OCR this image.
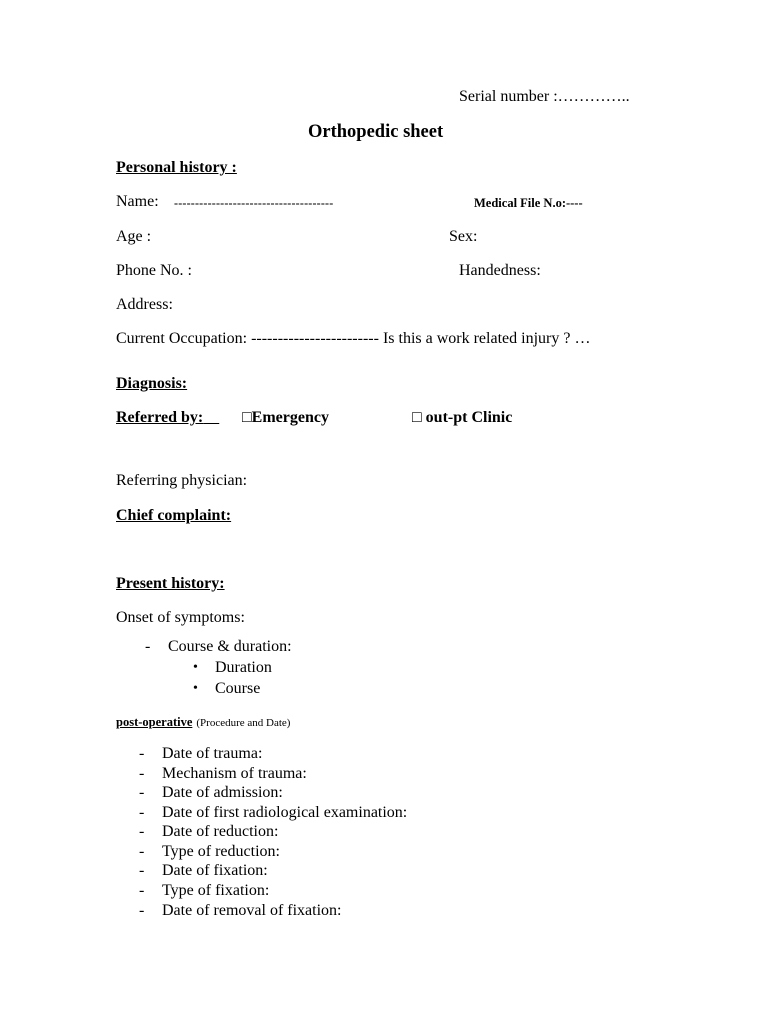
Serial number :…………..
Orthopedic sheet
Personal history :
Name: --------------------------------------	Medical File N.o:----
Age :	Sex:
Phone No. :	Handedness:
Address:
Current Occupation: ------------------------ Is this a work related injury ? …
Diagnosis:
Referred by:	□Emergency	□ out-pt Clinic
Referring physician:
Chief complaint:
Present history:
Onset of symptoms:
- Course & duration:
• Duration
• Course
post-operative (Procedure and Date)
- Date of trauma:
- Mechanism of trauma:
- Date of admission:
- Date of first radiological examination:
- Date of reduction:
- Type of reduction:
- Date of fixation:
- Type of fixation:
- Date of removal of fixation:
